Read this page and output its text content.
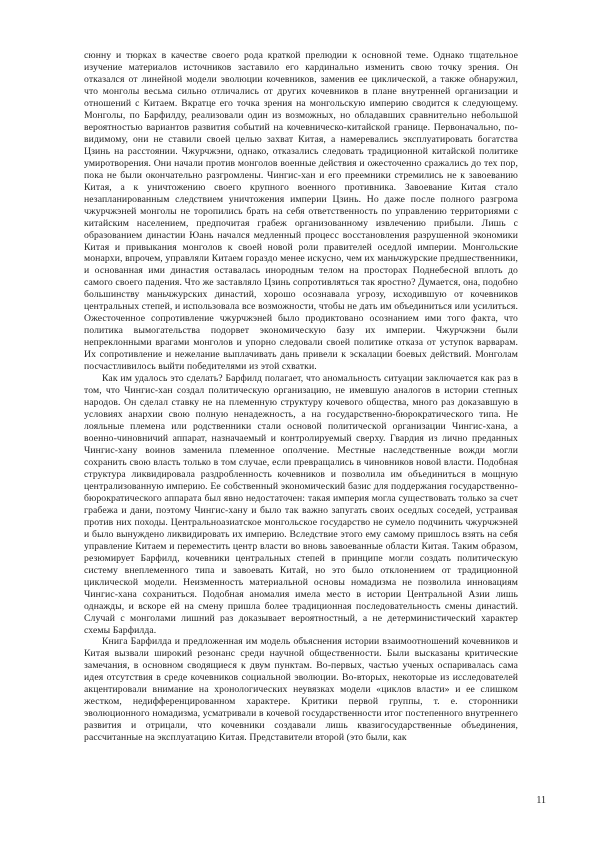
сюнну и тюрках в качестве своего рода краткой прелюдии к основной теме. Однако тщательное изучение материалов источников заставило его кардинально изменить свою точку зрения. Он отказался от линейной модели эволюции кочевников, заменив ее циклической, а также обнаружил, что монголы весьма сильно отличались от других кочевников в плане внутренней организации и отношений с Китаем. Вкратце его точка зрения на монгольскую империю сводится к следующему. Монголы, по Барфилду, реализовали один из возможных, но обладавших сравнительно небольшой вероятностью вариантов развития событий на кочевническо-китайской границе. Первоначально, по-видимому, они не ставили своей целью захват Китая, а намеревались эксплуатировать богатства Цзинь на расстоянии. Чжурчжэни, однако, отказались следовать традиционной китайской политике умиротворения. Они начали против монголов военные действия и ожесточенно сражались до тех пор, пока не были окончательно разгромлены. Чингис-хан и его преемники стремились не к завоеванию Китая, а к уничтожению своего крупного военного противника. Завоевание Китая стало незапланированным следствием уничтожения империи Цзинь. Но даже после полного разгрома чжурчжэней монголы не торопились брать на себя ответственность по управлению территориями с китайским населением, предпочитая грабеж организованному извлечению прибыли. Лишь с образованием династии Юань начался медленный процесс восстановления разрушенной экономики Китая и привыкания монголов к своей новой роли правителей оседлой империи. Монгольские монархи, впрочем, управляли Китаем гораздо менее искусно, чем их маньчжурские предшественники, и основанная ими династия оставалась инородным телом на просторах Поднебесной вплоть до самого своего падения. Что же заставляло Цзинь сопротивляться так яростно? Думается, она, подобно большинству маньчжурских династий, хорошо осознавала угрозу, исходившую от кочевников центральных степей, и использовала все возможности, чтобы не дать им объединиться или усилиться. Ожесточенное сопротивление чжурчжэней было продиктовано осознанием ими того факта, что политика вымогательства подорвет экономическую базу их империи. Чжурчжэни были непреклонными врагами монголов и упорно следовали своей политике отказа от уступок варварам. Их сопротивление и нежелание выплачивать дань привели к эскалации боевых действий. Монголам посчастливилось выйти победителями из этой схватки.

Как им удалось это сделать? Барфилд полагает, что аномальность ситуации заключается как раз в том, что Чингис-хан создал политическую организацию, не имевшую аналогов в истории степных народов. Он сделал ставку не на племенную структуру кочевого общества, много раз доказавшую в условиях анархии свою полную ненадежность, а на государственно-бюрократического типа. Не лояльные племена или родственники стали основой политической организации Чингис-хана, а военно-чиновничий аппарат, назначаемый и контролируемый сверху. Гвардия из лично преданных Чингис-хану воинов заменила племенное ополчение. Местные наследственные вожди могли сохранить свою власть только в том случае, если превращались в чиновников новой власти. Подобная структура ликвидировала раздробленность кочевников и позволила им объединиться в мощную централизованную империю. Ее собственный экономический базис для поддержания государственно-бюрократического аппарата был явно недостаточен: такая империя могла существовать только за счет грабежа и дани, поэтому Чингис-хану и было так важно запугать своих оседлых соседей, устраивая против них походы. Центральноазиатское монгольское государство не сумело подчинить чжурчжэней и было вынуждено ликвидировать их империю. Вследствие этого ему самому пришлось взять на себя управление Китаем и переместить центр власти во вновь завоеванные области Китая. Таким образом, резюмирует Барфилд, кочевники центральных степей в принципе могли создать политическую систему внеплеменного типа и завоевать Китай, но это было отклонением от традиционной циклической модели. Неизменность материальной основы номадизма не позволила инновациям Чингис-хана сохраниться. Подобная аномалия имела место в истории Центральной Азии лишь однажды, и вскоре ей на смену пришла более традиционная последовательность смены династий. Случай с монголами лишний раз доказывает вероятностный, а не детерминистический характер схемы Барфилда.

Книга Барфилда и предложенная им модель объяснения истории взаимоотношений кочевников и Китая вызвали широкий резонанс среди научной общественности. Были высказаны критические замечания, в основном сводящиеся к двум пунктам. Во-первых, частью ученых оспаривалась сама идея отсутствия в среде кочевников социальной эволюции. Во-вторых, некоторые из исследователей акцентировали внимание на хронологических неувязках модели «циклов власти» и ее слишком жестком, недифференцированном характере. Критики первой группы, т. е. сторонники эволюционного номадизма, усматривали в кочевой государственности итог постепенного внутреннего развития и отрицали, что кочевники создавали лишь квазигосударственные объединения, рассчитанные на эксплуатацию Китая. Представители второй (это были, как

11
